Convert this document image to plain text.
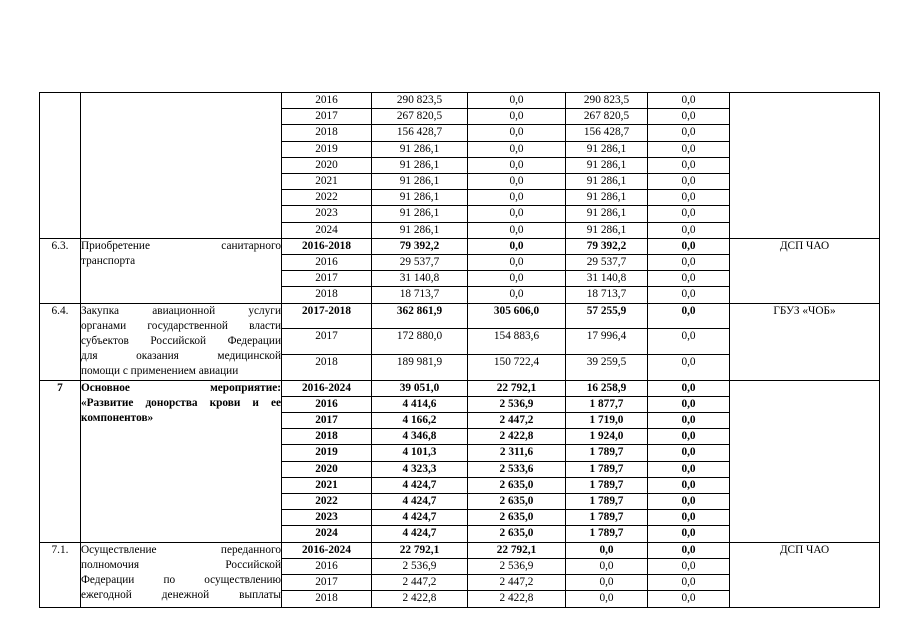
		2016	290 823,5	0,0	290 823,5	0,0	
		2017	267 820,5	0,0	267 820,5	0,0	
		2018	156 428,7	0,0	156 428,7	0,0	
		2019	91 286,1	0,0	91 286,1	0,0	
		2020	91 286,1	0,0	91 286,1	0,0	
		2021	91 286,1	0,0	91 286,1	0,0	
		2022	91 286,1	0,0	91 286,1	0,0	
		2023	91 286,1	0,0	91 286,1	0,0	
		2024	91 286,1	0,0	91 286,1	0,0	
6.3.	Приобретение санитарного
транспорта	2016-2018	79 392,2	0,0	79 392,2	0,0	ДСП ЧАО
		2016	29 537,7	0,0	29 537,7	0,0	
		2017	31 140,8	0,0	31 140,8	0,0	
		2018	18 713,7	0,0	18 713,7	0,0	
6.4.	Закупка авиационной услуги
органами государственной власти
субъектов Российской Федерации
для оказания медицинской
помощи с применением авиации	2017-2018	362 861,9	305 606,0	57 255,9	0,0	ГБУЗ «ЧОБ»
		2017	172 880,0	154 883,6	17 996,4	0,0	
		2018	189 981,9	150 722,4	39 259,5	0,0	
7	Основное мероприятие:
«Развитие донорства крови и ее
компонентов»	2016-2024	39 051,0	22 792,1	16 258,9	0,0	
		2016	4 414,6	2 536,9	1 877,7	0,0	
		2017	4 166,2	2 447,2	1 719,0	0,0	
		2018	4 346,8	2 422,8	1 924,0	0,0	
		2019	4 101,3	2 311,6	1 789,7	0,0	
		2020	4 323,3	2 533,6	1 789,7	0,0	
		2021	4 424,7	2 635,0	1 789,7	0,0	
		2022	4 424,7	2 635,0	1 789,7	0,0	
		2023	4 424,7	2 635,0	1 789,7	0,0	
		2024	4 424,7	2 635,0	1 789,7	0,0	
7.1.	Осуществление переданного
полномочия Российской
Федерации по осуществлению
ежегодной денежной выплаты	2016-2024	22 792,1	22 792,1	0,0	0,0	ДСП ЧАО
		2016	2 536,9	2 536,9	0,0	0,0	
		2017	2 447,2	2 447,2	0,0	0,0	
		2018	2 422,8	2 422,8	0,0	0,0	
